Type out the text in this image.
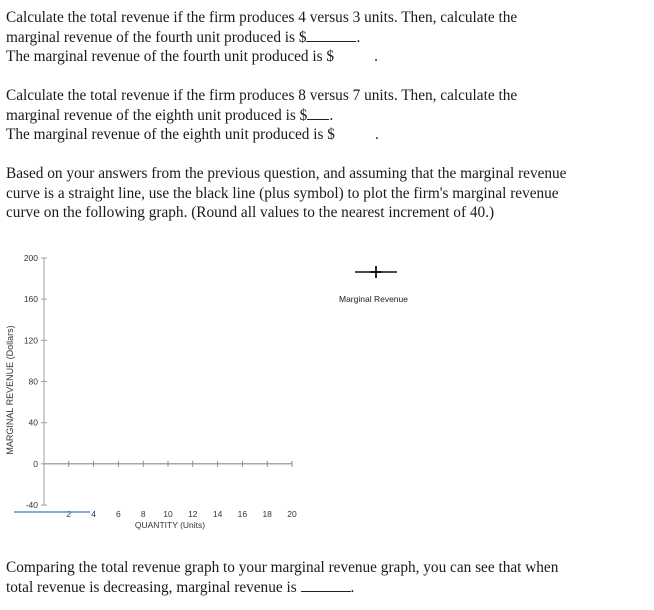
Calculate the total revenue if the firm produces 4 versus 3 units. Then, calculate the
marginal revenue of the fourth unit produced is $	.
The marginal revenue of the fourth unit produced is $	.
Calculate the total revenue if the firm produces 8 versus 7 units. Then, calculate the
marginal revenue of the eighth unit produced is $ .
The marginal revenue of the eighth unit produced is $	.
Based on your answers from the previous question, and assuming that the marginal revenue
curve is a straight line, use the black line (plus symbol) to plot the firm's marginal revenue
curve on the following graph. (Round all values to the nearest increment of 40.)
MARGINAL REVENUE (Dollars)
QUANTITY (Units)
Marginal Revenue
200
160
120
80
40
0
-40
2 4 6 8 10 12 14 16 18 20
Comparing the total revenue graph to your marginal revenue graph, you can see that when
total revenue is decreasing, marginal revenue is	.
